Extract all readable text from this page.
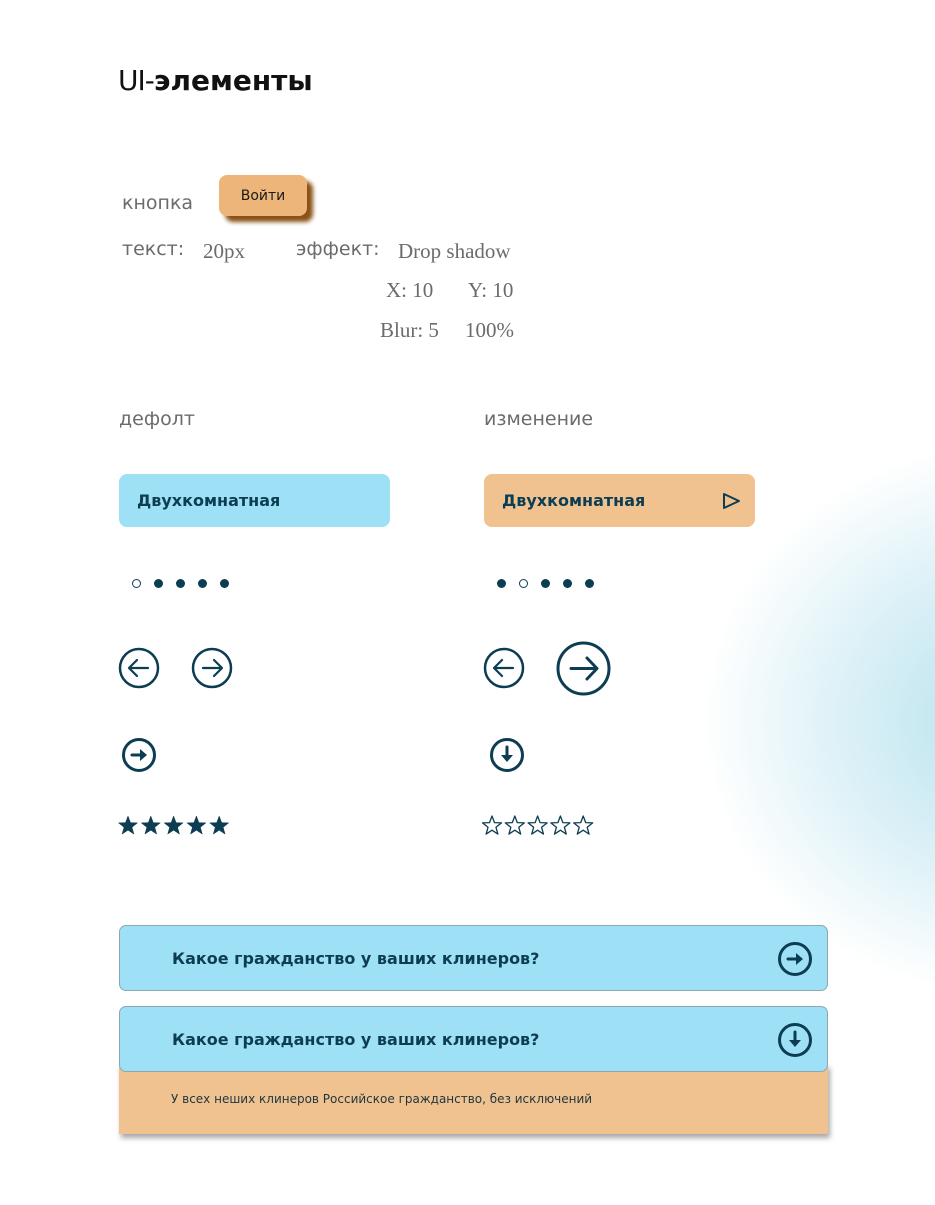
UI-элементы
кнопка	Войти
текст: 20px	эффект: Drop shadow
X: 10 Y: 10
Blur: 5 100%
дефолт	изменение
Двухкомнатная	Двухкомнатная
Какое гражданство у ваших клинеров?
У всех неших клинеров Российское гражданство, без исключений
Какое гражданство у ваших клинеров?
